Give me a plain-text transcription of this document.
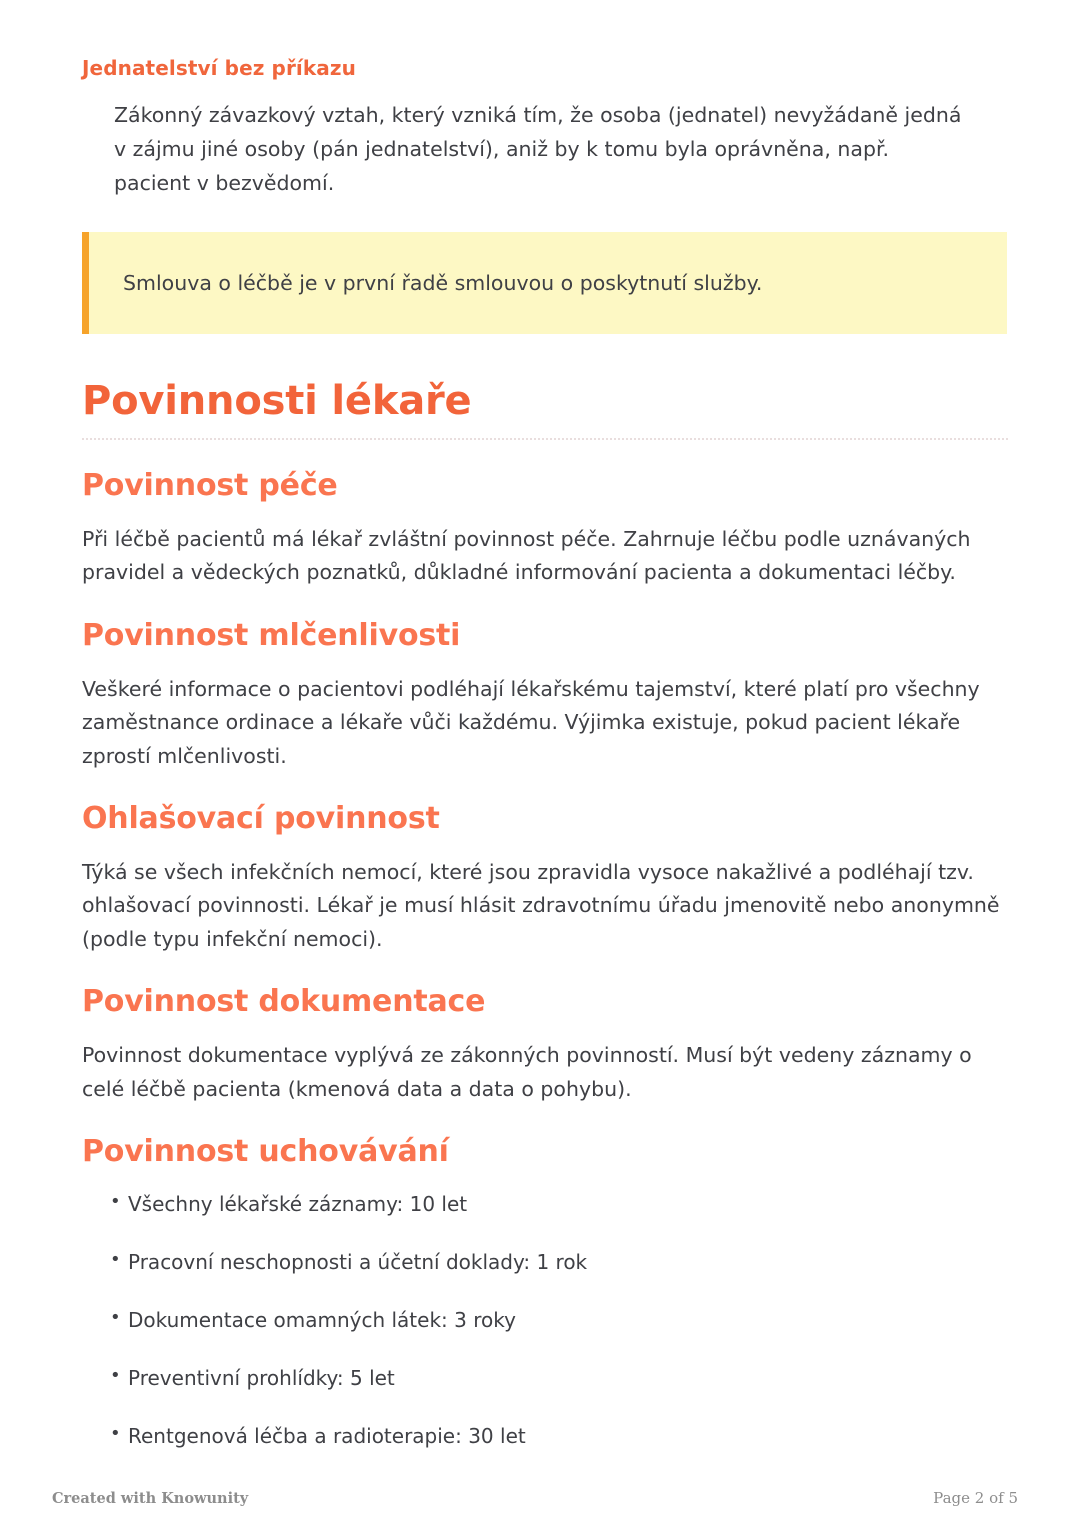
Jednatelství bez příkazu

Zákonný závazkový vztah, který vzniká tím, že osoba (jednatel) nevyžádaně jedná v zájmu jiné osoby (pán jednatelství), aniž by k tomu byla oprávněna, např. pacient v bezvědomí.

Smlouva o léčbě je v první řadě smlouvou o poskytnutí služby.
Povinnosti lékaře
Povinnost péče

Při léčbě pacientů má lékař zvláštní povinnost péče. Zahrnuje léčbu podle uznávaných pravidel a vědeckých poznatků, důkladné informování pacienta a dokumentaci léčby.

Povinnost mlčenlivosti

Veškeré informace o pacientovi podléhají lékařskému tajemství, které platí pro všechny zaměstnance ordinace a lékaře vůči každému. Výjimka existuje, pokud pacient lékaře zprostí mlčenlivosti.

Ohlašovací povinnost

Týká se všech infekčních nemocí, které jsou zpravidla vysoce nakažlivé a podléhají tzv. ohlašovací povinnosti. Lékař je musí hlásit zdravotnímu úřadu jmenovitě nebo anonymně (podle typu infekční nemoci).

Povinnost dokumentace

Povinnost dokumentace vyplývá ze zákonných povinností. Musí být vedeny záznamy o celé léčbě pacienta (kmenová data a data o pohybu).

Povinnost uchovávání
• Všechny lékařské záznamy: 10 let
• Pracovní neschopnosti a účetní doklady: 1 rok
• Dokumentace omamných látek: 3 roky
• Preventivní prohlídky: 5 let
• Rentgenová léčba a radioterapie: 30 let
Created with Knowunity	Page 2 of 5
